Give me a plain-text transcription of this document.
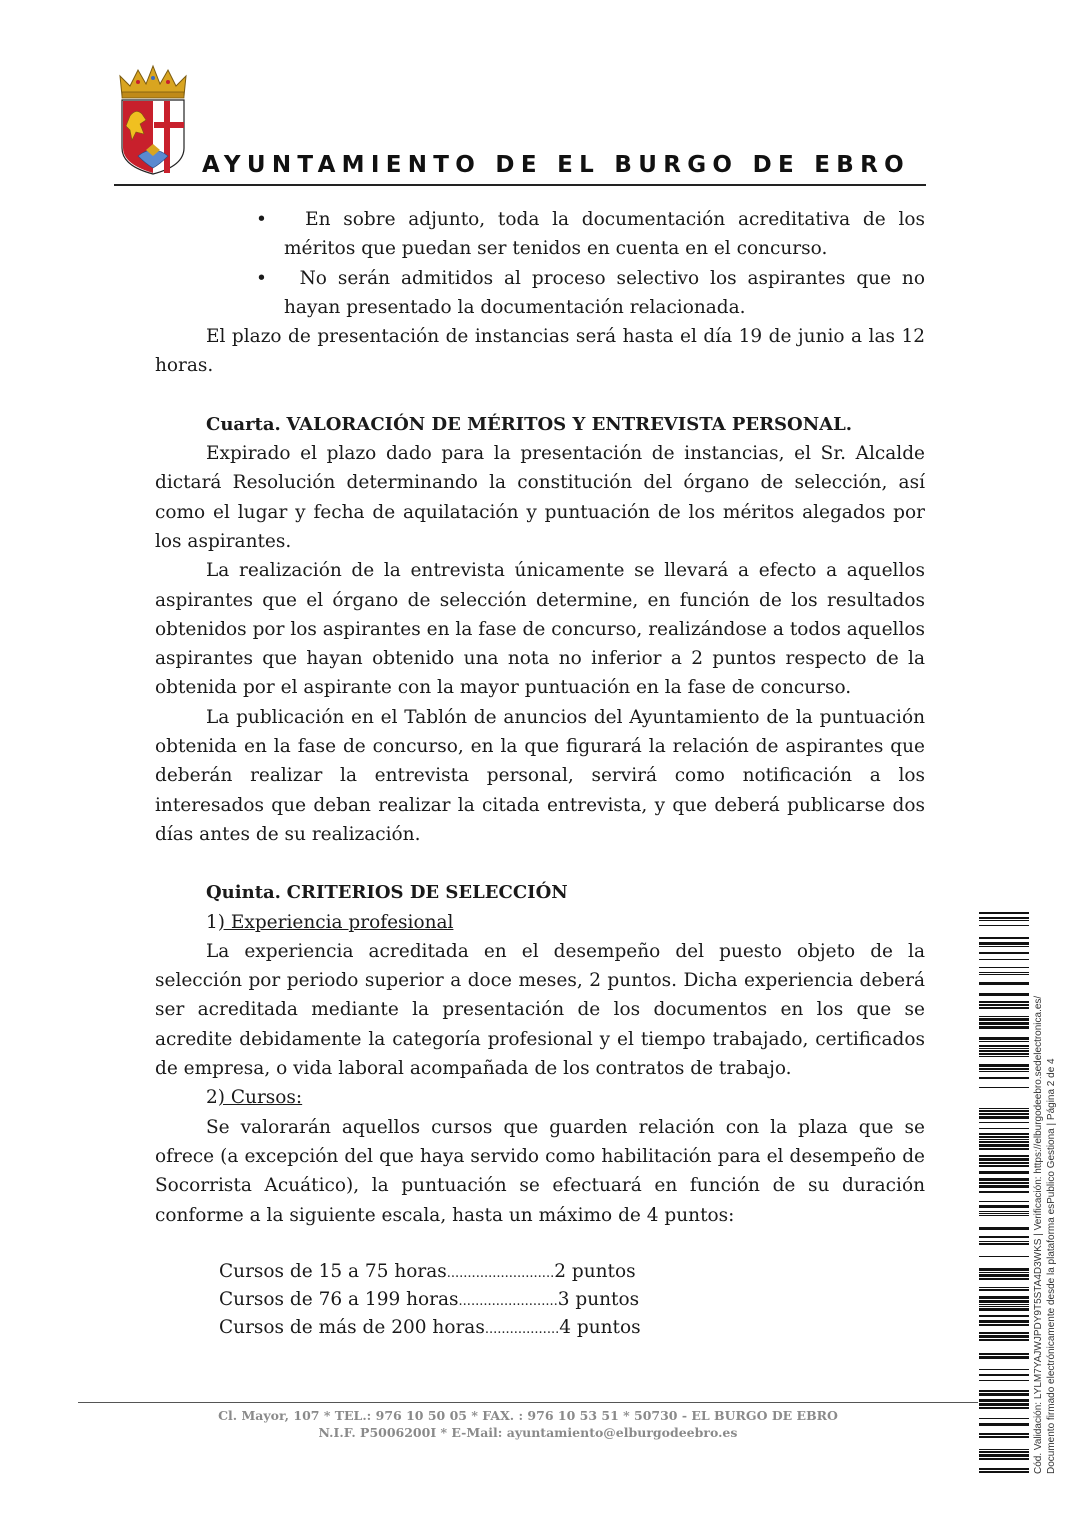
AYUNTAMIENTO DE EL BURGO DE EBRO

•   En sobre adjunto, toda la documentación acreditativa de los méritos que puedan ser tenidos en cuenta en el concurso.

•   No serán admitidos al proceso selectivo los aspirantes que no hayan presentado la documentación relacionada.

El plazo de presentación de instancias será hasta el día 19 de junio a las 12 horas.

Cuarta. VALORACIÓN DE MÉRITOS Y ENTREVISTA PERSONAL.

Expirado el plazo dado para la presentación de instancias, el Sr. Alcalde dictará Resolución determinando la constitución del órgano de selección, así como el lugar y fecha de aquilatación y puntuación de los méritos alegados por los aspirantes.

La realización de la entrevista únicamente se llevará a efecto a aquellos aspirantes que el órgano de selección determine, en función de los resultados obtenidos por los aspirantes en la fase de concurso, realizándose a todos aquellos aspirantes que hayan obtenido una nota no inferior a 2 puntos respecto de la obtenida por el aspirante con la mayor puntuación en la fase de concurso.

La publicación en el Tablón de anuncios del Ayuntamiento de la puntuación obtenida en la fase de concurso, en la que figurará la relación de aspirantes que deberán realizar la entrevista personal, servirá como notificación a los interesados que deban realizar la citada entrevista, y que deberá publicarse dos días antes de su realización.

Quinta. CRITERIOS DE SELECCIÓN

1) Experiencia profesional

La experiencia acreditada en el desempeño del puesto objeto de la selección por periodo superior a doce meses, 2 puntos. Dicha experiencia deberá ser acreditada mediante la presentación de los documentos en los que se acredite debidamente la categoría profesional y el tiempo trabajado, certificados de empresa, o vida laboral acompañada de los contratos de trabajo.

2) Cursos:

Se valorarán aquellos cursos que guarden relación con la plaza que se ofrece (a excepción del que haya servido como habilitación para el desempeño de Socorrista Acuático), la puntuación se efectuará en función de su duración conforme a la siguiente escala, hasta un máximo de 4 puntos:

Cursos de 15 a 75 horas..........................2 puntos
Cursos de 76 a 199 horas........................3 puntos
Cursos de más de 200 horas..................4 puntos
Cl. Mayor, 107 * TEL.: 976 10 50 05 * FAX. : 976 10 53 51 * 50730 - EL BURGO DE EBRO
N.I.F. P5006200I * E-Mail: ayuntamiento@elburgodeebro.es	Cód. Validación: LYLM7YAJWJPDY9T5STA4D3WKS | Verificación: https://elburgodeebro.sedelectronica.es/ Documento firmado electrónicamente desde la plataforma esPublico Gestiona | Página 2 de 4
